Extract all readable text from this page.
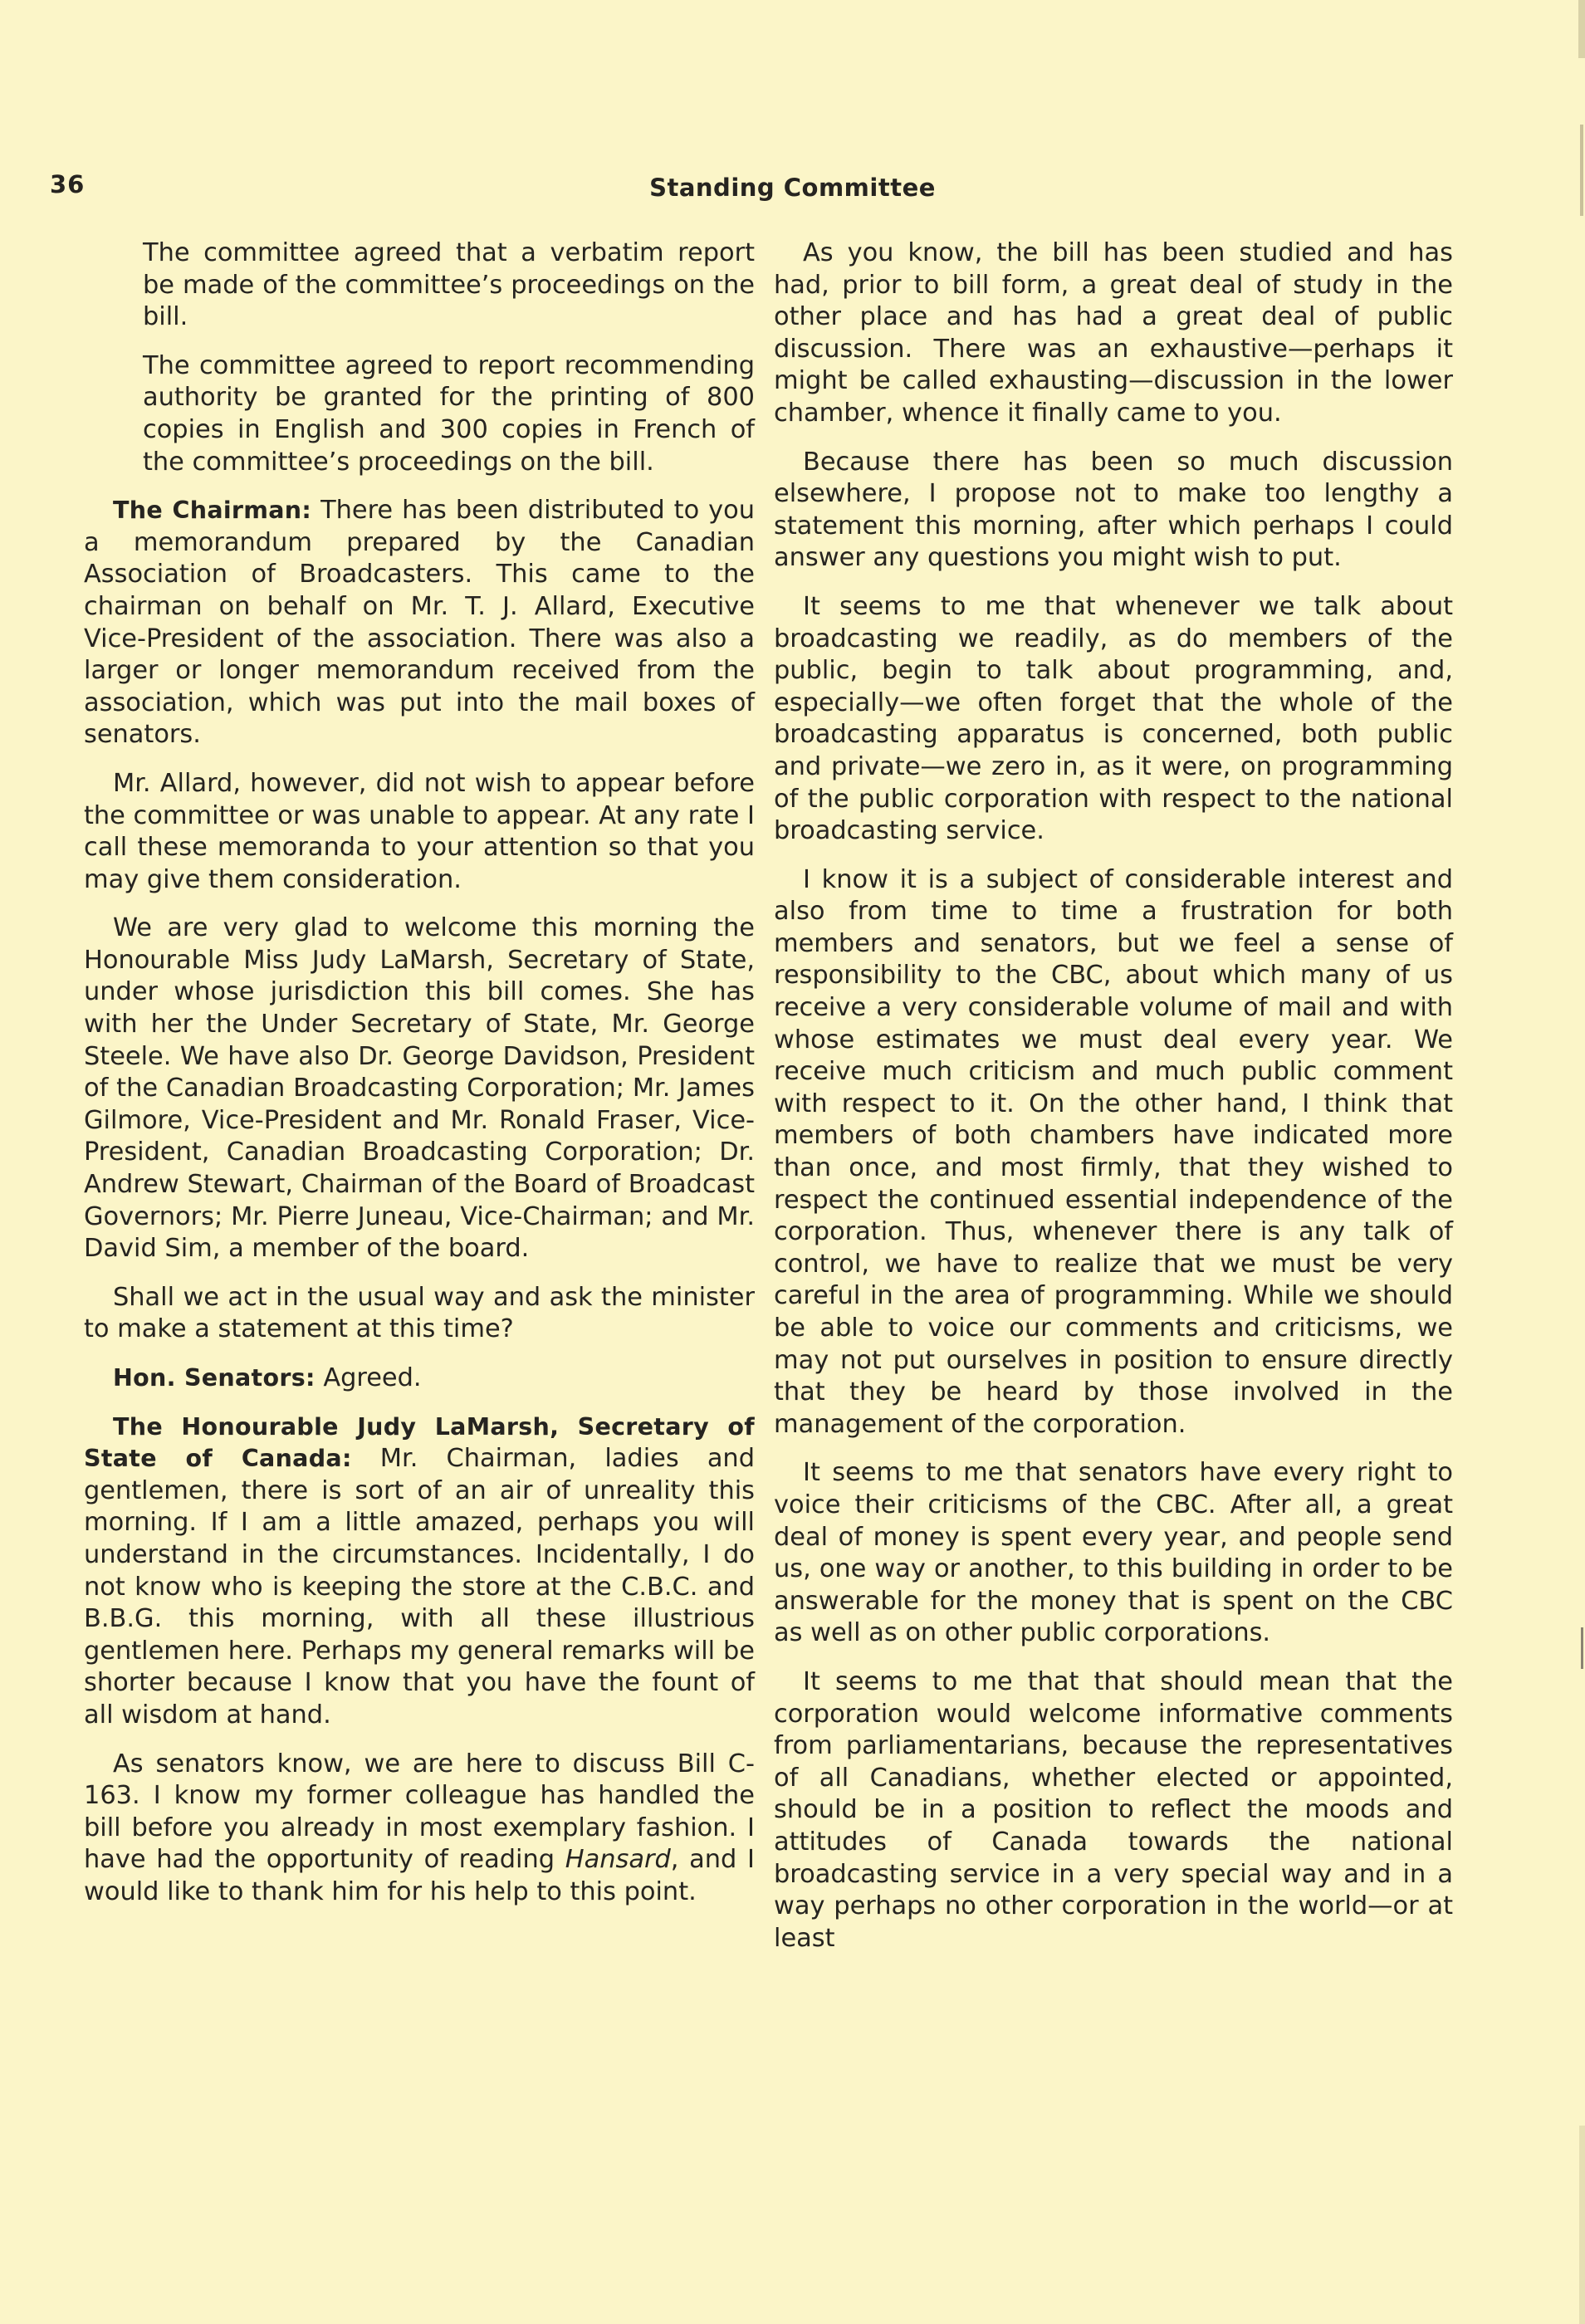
36	Standing Committee

The committee agreed that a verbatim report be made of the committee’s proceedings on the bill.

The committee agreed to report recommending authority be granted for the printing of 800 copies in English and 300 copies in French of the committee’s proceedings on the bill.

The Chairman: There has been distributed to you a memorandum prepared by the Canadian Association of Broadcasters. This came to the chairman on behalf on Mr. T. J. Allard, Executive Vice-President of the association. There was also a larger or longer memorandum received from the association, which was put into the mail boxes of senators.

Mr. Allard, however, did not wish to appear before the committee or was unable to appear. At any rate I call these memoranda to your attention so that you may give them consideration.

We are very glad to welcome this morning the Honourable Miss Judy LaMarsh, Secretary of State, under whose jurisdiction this bill comes. She has with her the Under Secretary of State, Mr. George Steele. We have also Dr. George Davidson, President of the Canadian Broadcasting Corporation; Mr. James Gilmore, Vice-President and Mr. Ronald Fraser, Vice-President, Canadian Broadcasting Corporation; Dr. Andrew Stewart, Chairman of the Board of Broadcast Governors; Mr. Pierre Juneau, Vice-Chairman; and Mr. David Sim, a member of the board.

Shall we act in the usual way and ask the minister to make a statement at this time?

Hon. Senators: Agreed.

The Honourable Judy LaMarsh, Secretary of State of Canada: Mr. Chairman, ladies and gentlemen, there is sort of an air of unreality this morning. If I am a little amazed, perhaps you will understand in the circumstances. Incidentally, I do not know who is keeping the store at the C.B.C. and B.B.G. this morning, with all these illustrious gentlemen here. Perhaps my general remarks will be shorter because I know that you have the fount of all wisdom at hand.

As senators know, we are here to discuss Bill C-163. I know my former colleague has handled the bill before you already in most exemplary fashion. I have had the opportunity of reading Hansard, and I would like to thank him for his help to this point.

As you know, the bill has been studied and has had, prior to bill form, a great deal of study in the other place and has had a great deal of public discussion. There was an exhaustive—perhaps it might be called exhausting—discussion in the lower chamber, whence it finally came to you.

Because there has been so much discussion elsewhere, I propose not to make too lengthy a statement this morning, after which perhaps I could answer any questions you might wish to put.

It seems to me that whenever we talk about broadcasting we readily, as do members of the public, begin to talk about programming, and, especially—we often forget that the whole of the broadcasting apparatus is concerned, both public and private—we zero in, as it were, on programming of the public corporation with respect to the national broadcasting service.

I know it is a subject of considerable interest and also from time to time a frustration for both members and senators, but we feel a sense of responsibility to the CBC, about which many of us receive a very considerable volume of mail and with whose estimates we must deal every year. We receive much criticism and much public comment with respect to it. On the other hand, I think that members of both chambers have indicated more than once, and most firmly, that they wished to respect the continued essential independence of the corporation. Thus, whenever there is any talk of control, we have to realize that we must be very careful in the area of programming. While we should be able to voice our comments and criticisms, we may not put ourselves in position to ensure directly that they be heard by those involved in the management of the corporation.

It seems to me that senators have every right to voice their criticisms of the CBC. After all, a great deal of money is spent every year, and people send us, one way or another, to this building in order to be answerable for the money that is spent on the CBC as well as on other public corporations.

It seems to me that that should mean that the corporation would welcome informative comments from parliamentarians, because the representatives of all Canadians, whether elected or appointed, should be in a position to reflect the moods and attitudes of Canada towards the national broadcasting service in a very special way and in a way perhaps no other corporation in the world—or at least
